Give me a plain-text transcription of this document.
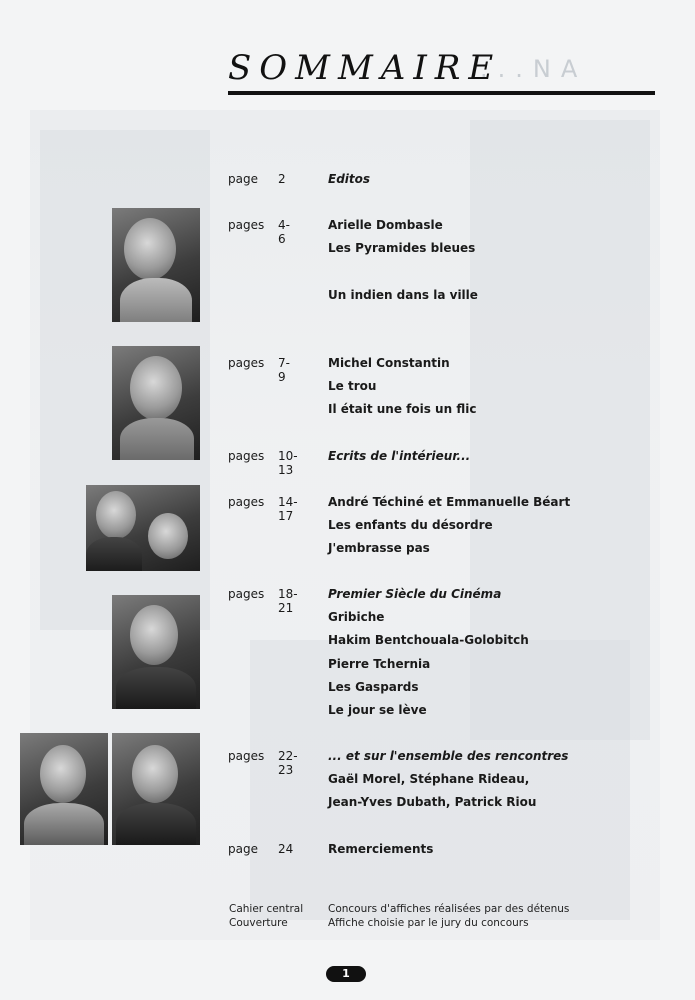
SOMMAIRE
...NA
page 2	Editos
pages 4-6
Arielle Dombasle
Les Pyramides bleues
Un indien dans la ville
pages 7-9
Michel Constantin
Le trou
Il était une fois un flic
pages 10-13
Ecrits de l'intérieur...
pages 14-17
André Téchiné et Emmanuelle Béart
Les enfants du désordre
J'embrasse pas
pages 18-21
Premier Siècle du Cinéma
Gribiche
Hakim Bentchouala-Golobitch
Pierre Tchernia
Les Gaspards
Le jour se lève
pages 22-23
... et sur l'ensemble des rencontres
Gaël Morel, Stéphane Rideau,
Jean-Yves Dubath, Patrick Riou
page 24	Remerciements
Cahier central
Couverture
Concours d'affiches réalisées par des détenus
Affiche choisie par le jury du concours
1
